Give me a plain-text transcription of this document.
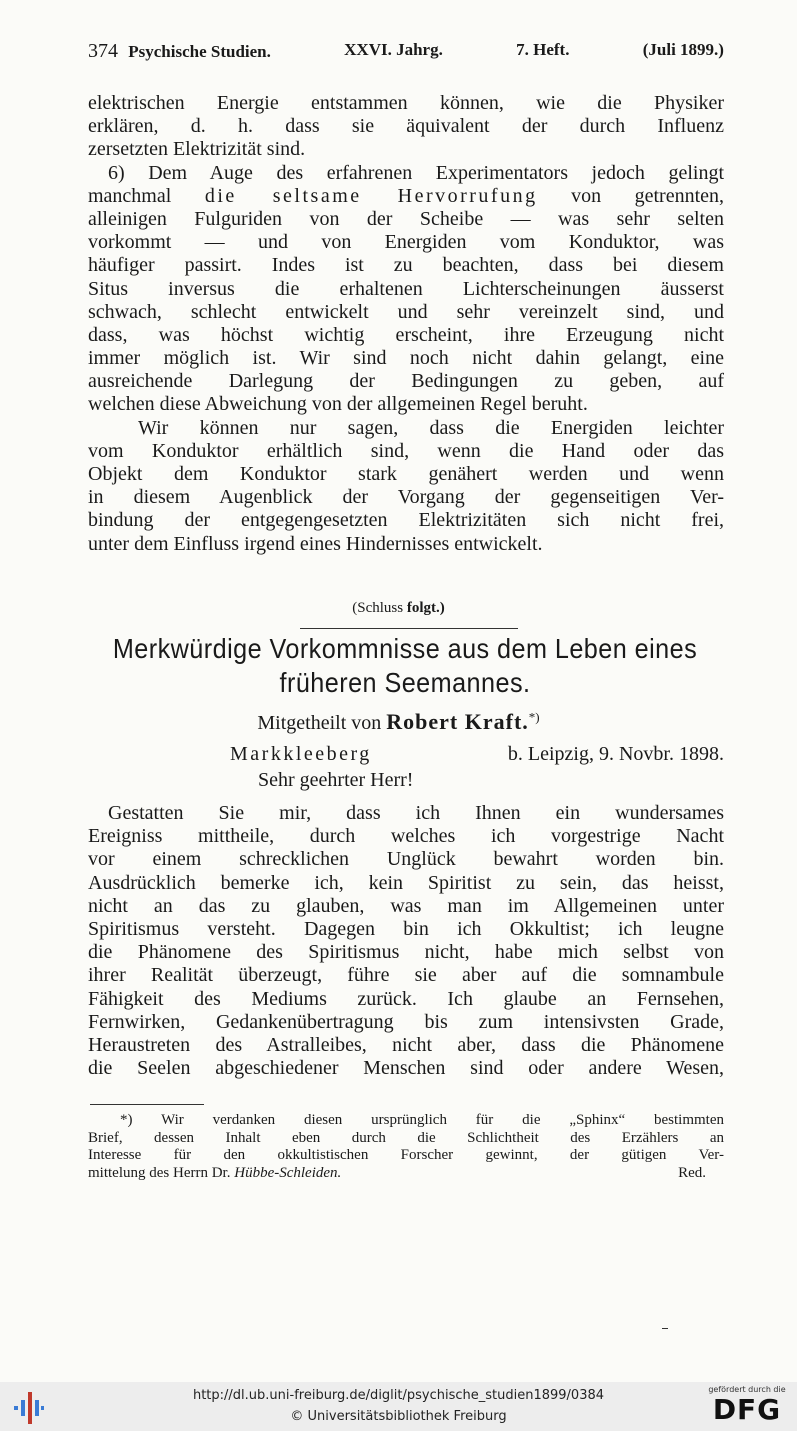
374 Psychische Studien.	XXVI. Jahrg.	7. Heft.	(Juli 1899.)
elektrischen Energie entstammen können, wie die Physiker
erklären, d. h. dass sie äquivalent der durch Influenz
zersetzten Elektrizität sind.
6) Dem Auge des erfahrenen Experimentators jedoch gelingt
manchmal die seltsame Hervorrufung von getrennten,
alleinigen Fulguriden von der Scheibe — was sehr selten
vorkommt — und von Energiden vom Konduktor, was
häufiger passirt. Indes ist zu beachten, dass bei diesem
Situs inversus die erhaltenen Lichterscheinungen äusserst
schwach, schlecht entwickelt und sehr vereinzelt sind, und
dass, was höchst wichtig erscheint, ihre Erzeugung nicht
immer möglich ist. Wir sind noch nicht dahin gelangt, eine
ausreichende Darlegung der Bedingungen zu geben, auf
welchen diese Abweichung von der allgemeinen Regel beruht.
Wir können nur sagen, dass die Energiden leichter
vom Konduktor erhältlich sind, wenn die Hand oder das
Objekt dem Konduktor stark genähert werden und wenn
in diesem Augenblick der Vorgang der gegenseitigen Ver-
bindung der entgegengesetzten Elektrizitäten sich nicht frei,
unter dem Einfluss irgend eines Hindernisses entwickelt.
(Schluss folgt.)
Merkwürdige Vorkommnisse aus dem Leben eines
früheren Seemannes.
Mitgetheilt von Robert Kraft.*)
Markkleeberg	b. Leipzig, 9. Novbr. 1898.
Sehr geehrter Herr!
Gestatten Sie mir, dass ich Ihnen ein wundersames
Ereigniss mittheile, durch welches ich vorgestrige Nacht
vor einem schrecklichen Unglück bewahrt worden bin.
Ausdrücklich bemerke ich, kein Spiritist zu sein, das heisst,
nicht an das zu glauben, was man im Allgemeinen unter
Spiritismus versteht. Dagegen bin ich Okkultist; ich leugne
die Phänomene des Spiritismus nicht, habe mich selbst von
ihrer Realität überzeugt, führe sie aber auf die somnambule
Fähigkeit des Mediums zurück. Ich glaube an Fernsehen,
Fernwirken, Gedankenübertragung bis zum intensivsten Grade,
Heraustreten des Astralleibes, nicht aber, dass die Phänomene
die Seelen abgeschiedener Menschen sind oder andere Wesen,
*) Wir verdanken diesen ursprünglich für die „Sphinx“ bestimmten
Brief, dessen Inhalt eben durch die Schlichtheit des Erzählers an
Interesse für den okkultistischen Forscher gewinnt, der gütigen Ver-
mittelung des Herrn Dr. Hübbe-Schleiden.	Red.
http://dl.ub.uni-freiburg.de/diglit/psychische_studien1899/0384
© Universitätsbibliothek Freiburg
gefördert durch die
DFG
